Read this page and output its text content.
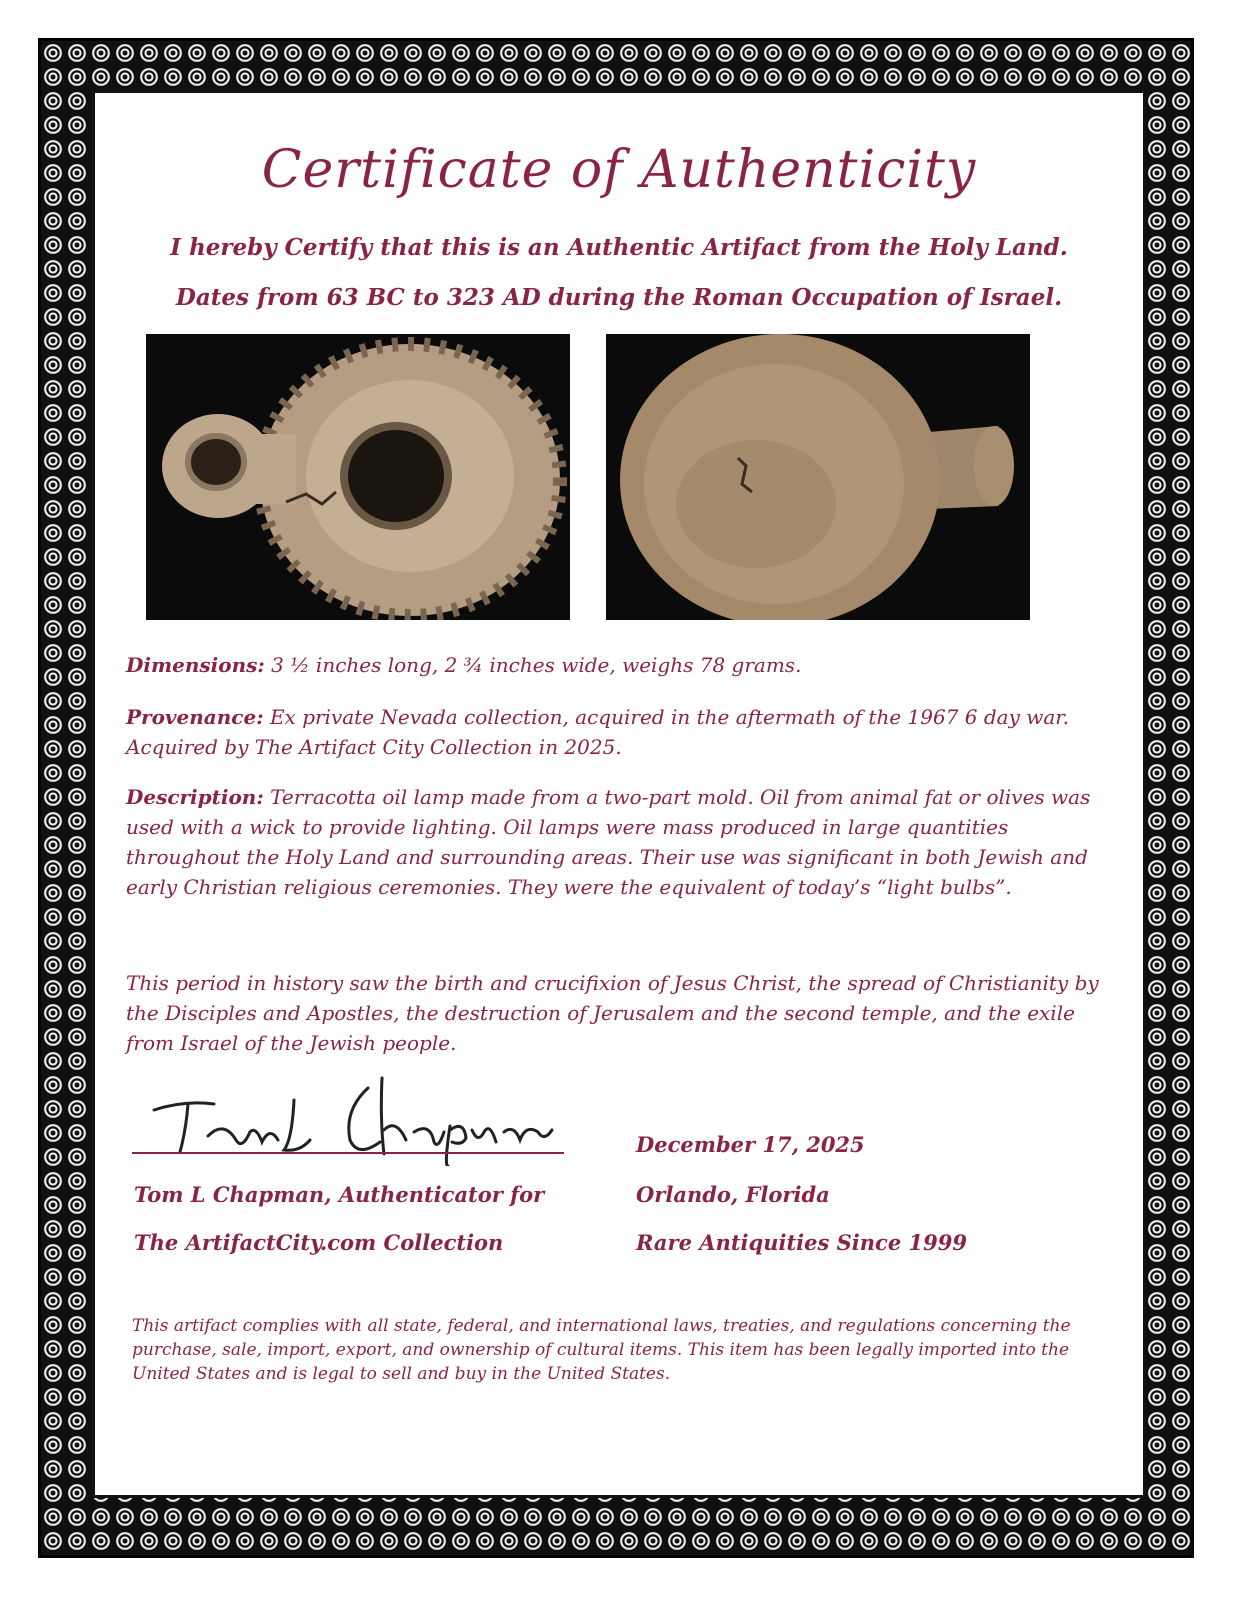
Certificate of Authenticity
I hereby Certify that this is an Authentic Artifact from the Holy Land.
Dates from 63 BC to 323 AD during the Roman Occupation of Israel.
Dimensions: 3 ½ inches long, 2 ¾ inches wide, weighs 78 grams.
Provenance: Ex private Nevada collection, acquired in the aftermath of the 1967 6 day war. Acquired by The Artifact City Collection in 2025.
Description: Terracotta oil lamp made from a two-part mold. Oil from animal fat or olives was used with a wick to provide lighting. Oil lamps were mass produced in large quantities throughout the Holy Land and surrounding areas. Their use was significant in both Jewish and early Christian religious ceremonies. They were the equivalent of today’s “light bulbs”.
This period in history saw the birth and crucifixion of Jesus Christ, the spread of Christianity by the Disciples and Apostles, the destruction of Jerusalem and the second temple, and the exile from Israel of the Jewish people.
Tom L Chapman, Authenticator for
The ArtifactCity.com Collection
December 17, 2025
Orlando, Florida
Rare Antiquities Since 1999
This artifact complies with all state, federal, and international laws, treaties, and regulations concerning the purchase, sale, import, export, and ownership of cultural items. This item has been legally imported into the United States and is legal to sell and buy in the United States.
